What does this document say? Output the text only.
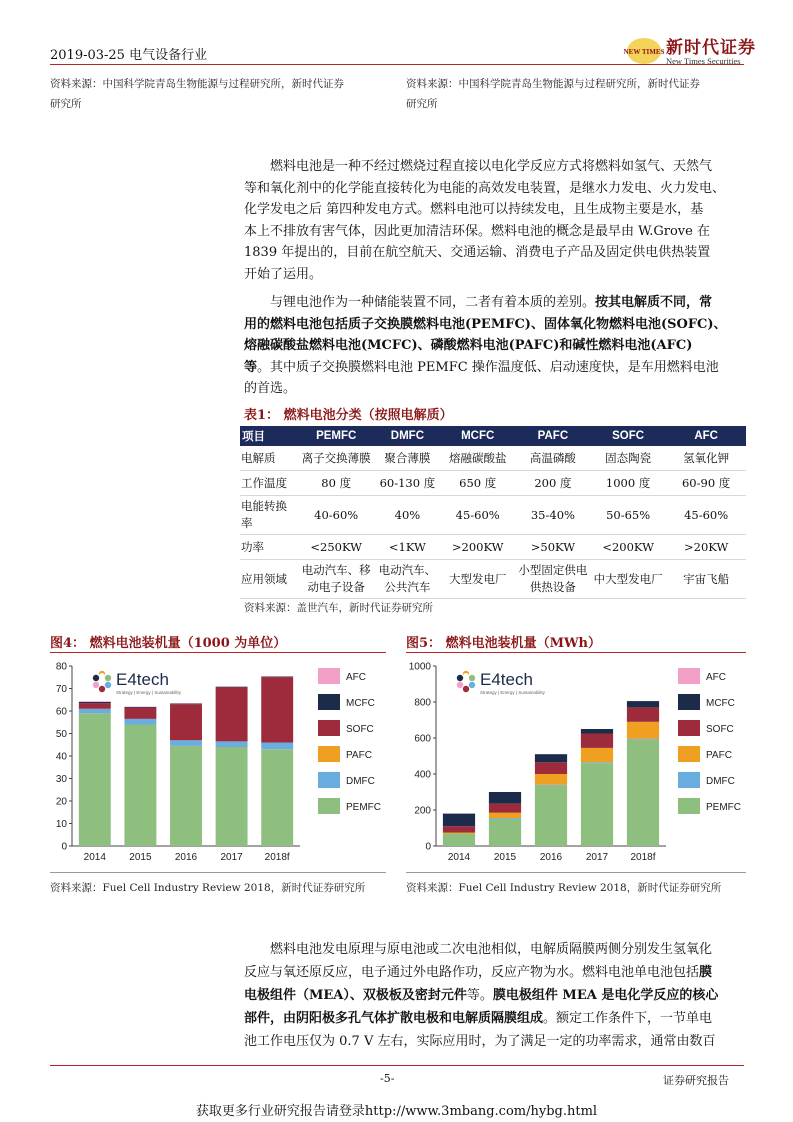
2019-03-25 电气设备行业	NEW TIMES 新时代证券
New Times Securities
资料来源：中国科学院青岛生物能源与过程研究所，新时代证券
研究所
资料来源：中国科学院青岛生物能源与过程研究所，新时代证券
研究所
燃料电池是一种不经过燃烧过程直接以电化学反应方式将燃料如氢气、天然气
等和氧化剂中的化学能直接转化为电能的高效发电装置，是继水力发电、火力发电、
化学发电之后 第四种发电方式。燃料电池可以持续发电，且生成物主要是水，基
本上不排放有害气体，因此更加清洁环保。燃料电池的概念是最早由 W.Grove 在
1839 年提出的，目前在航空航天、交通运输、消费电子产品及固定供电供热装置
开始了运用。
与锂电池作为一种储能装置不同，二者有着本质的差别。按其电解质不同，常
用的燃料电池包括质子交换膜燃料电池(PEMFC)、固体氧化物燃料电池(SOFC)、
熔融碳酸盐燃料电池(MCFC)、磷酸燃料电池(PAFC)和碱性燃料电池(AFC)
等。其中质子交换膜燃料电池 PEMFC 操作温度低、启动速度快，是车用燃料电池
的首选。
表1： 燃料电池分类（按照电解质）
项目	PEMFC	DMFC	MCFC	PAFC	SOFC	AFC
电解质	离子交换薄膜	聚合薄膜	熔融碳酸盐	高温磷酸	固态陶瓷	氢氧化钾
工作温度	80 度	60-130 度	650 度	200 度	1000 度	60-90 度
电能转换率	40-60%	40%	45-60%	35-40%	50-65%	45-60%
功率	<250KW	<1KW	>200KW	>50KW	<200KW	>20KW
应用领域	电动汽车、移动电子设备	电动汽车、公共汽车	大型发电厂	小型固定供电供热设备	中大型发电厂	宇宙飞船
资料来源：盖世汽车，新时代证券研究所
图4： 燃料电池装机量（1000 为单位）	图5： 燃料电池装机量（MWh）
0
10
20
30
40
50
60
70
80
2014 2015 2016 2017 2018f
E4tech
Strategy | Energy | Sustainability
AFC
MCFC
SOFC
PAFC
DMFC
PEMFC
0
200
400
600
800
1000
2014 2015 2016 2017 2018f
E4tech
Strategy | Energy | Sustainability
AFC
MCFC
SOFC
PAFC
DMFC
PEMFC
资料来源：Fuel Cell Industry Review 2018，新时代证券研究所	资料来源：Fuel Cell Industry Review 2018，新时代证券研究所
燃料电池发电原理与原电池或二次电池相似，电解质隔膜两侧分别发生氢氧化
反应与氧还原反应，电子通过外电路作功，反应产物为水。燃料电池单电池包括膜
电极组件（MEA）、双极板及密封元件等。膜电极组件 MEA 是电化学反应的核心
部件，由阴阳极多孔气体扩散电极和电解质隔膜组成。额定工作条件下，一节单电
池工作电压仅为 0.7 V 左右，实际应用时，为了满足一定的功率需求，通常由数百
-5-	证券研究报告
获取更多行业研究报告请登录http://www.3mbang.com/hybg.html
